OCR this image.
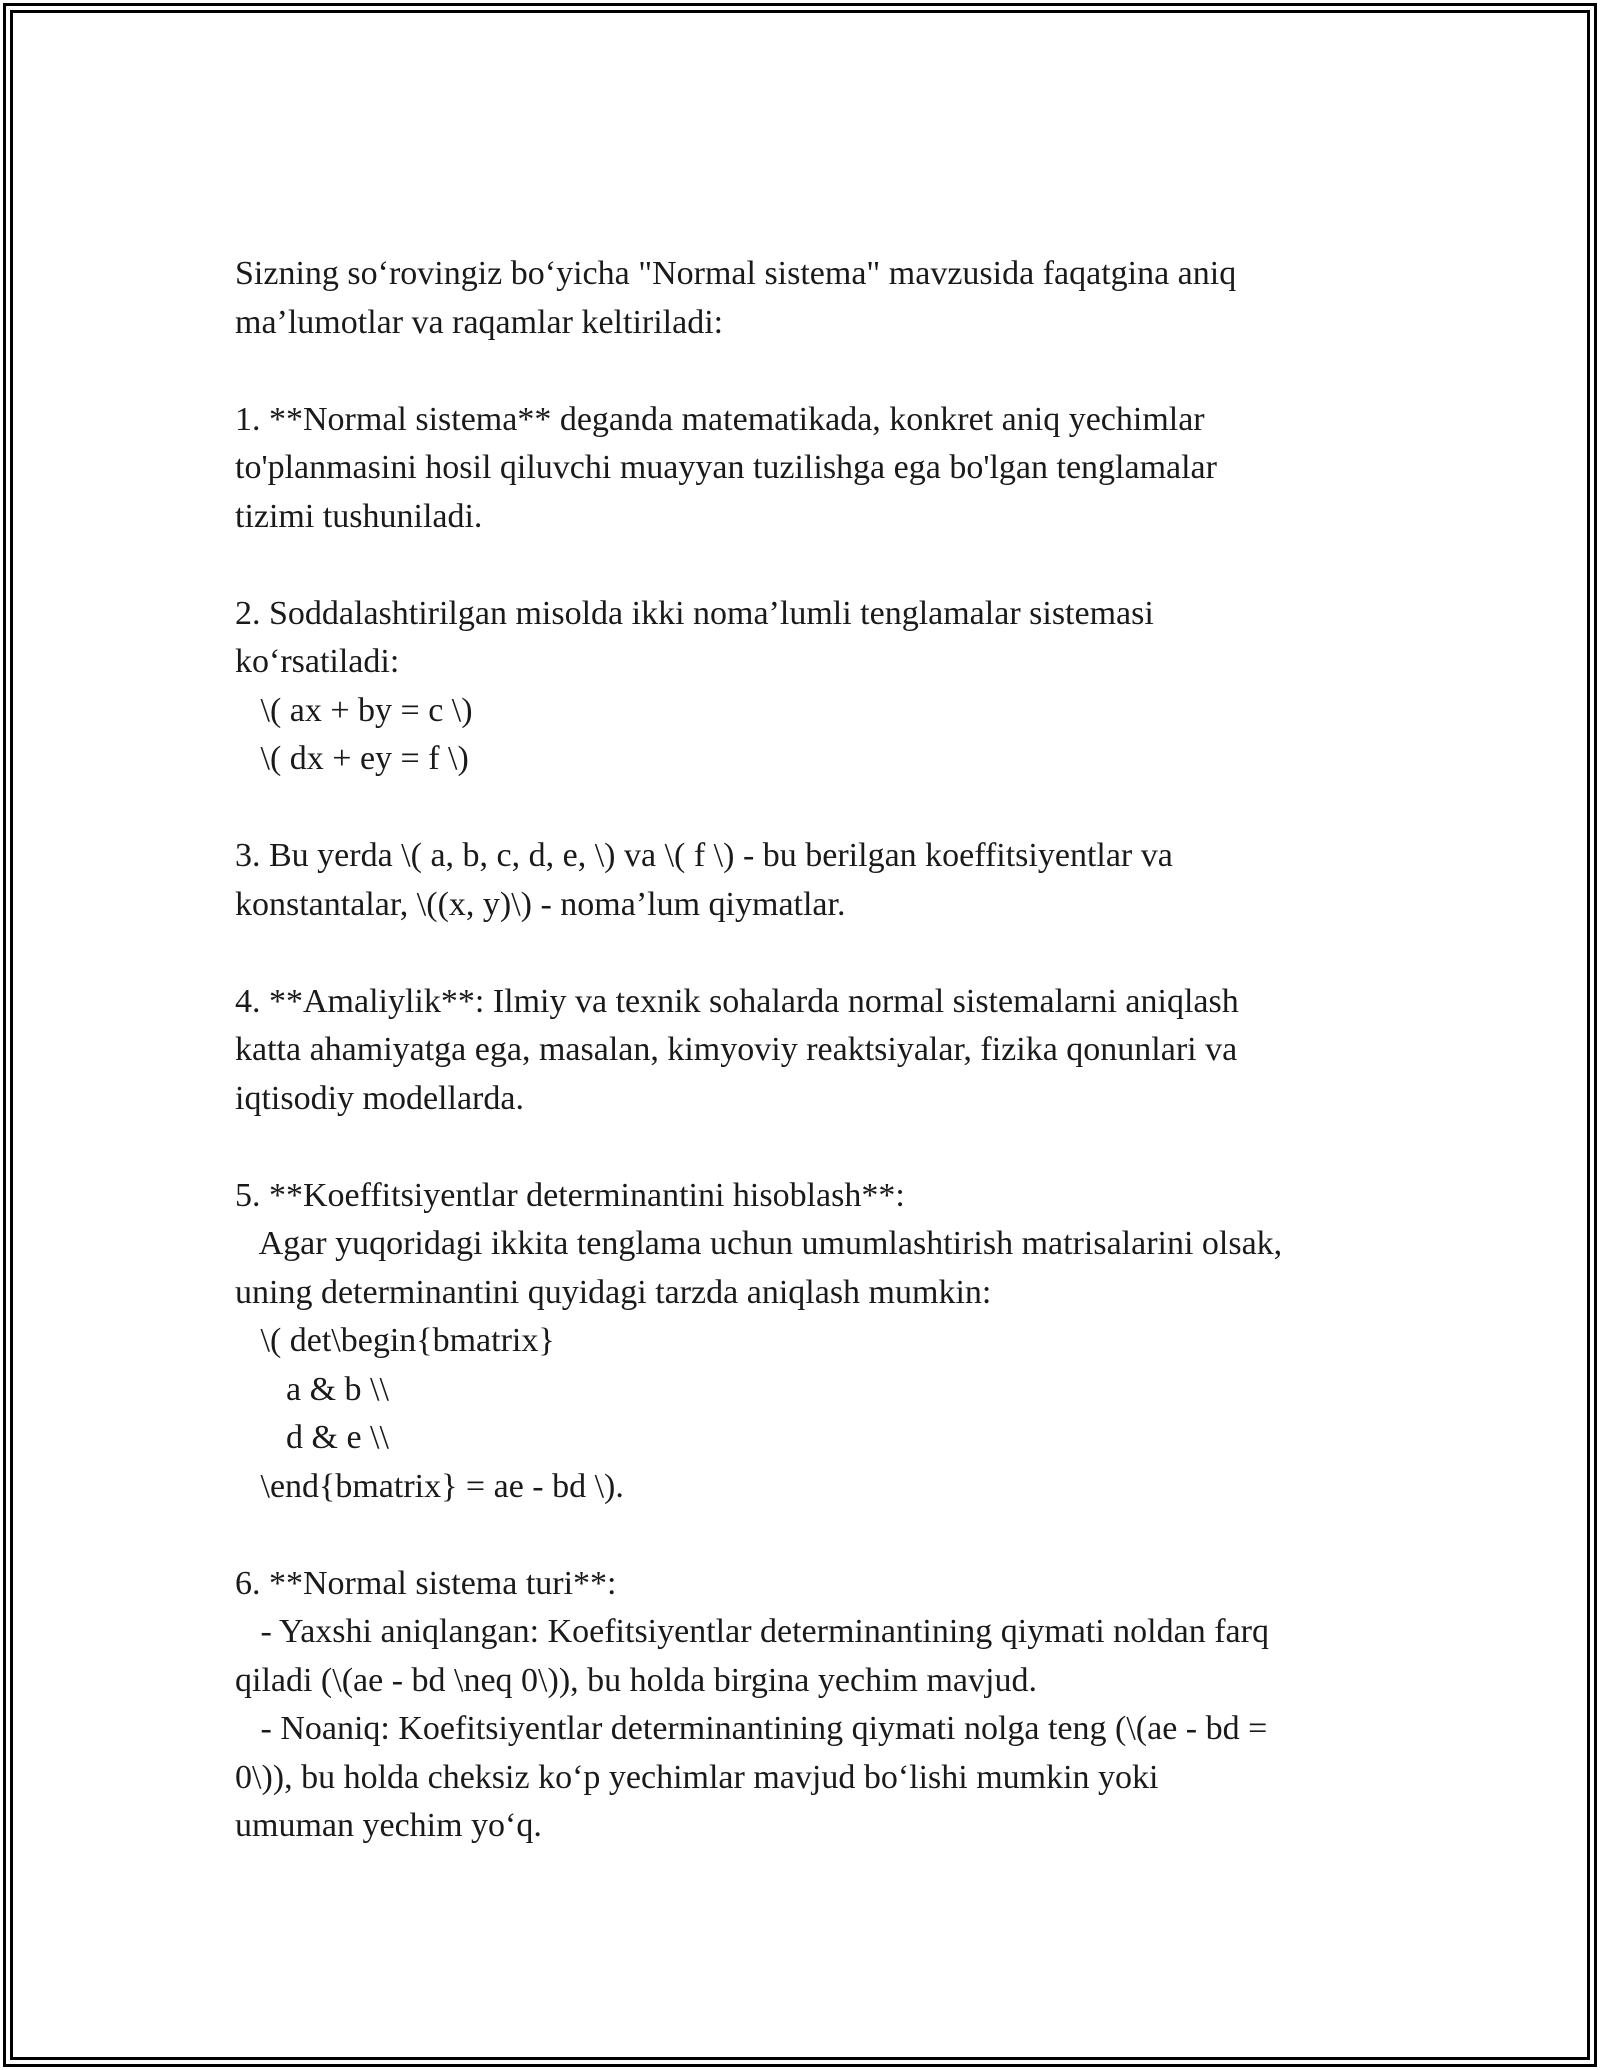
Sizning so‘rovingiz bo‘yicha "Normal sistema" mavzusida faqatgina aniq
ma’lumotlar va raqamlar keltiriladi:
1. **Normal sistema** deganda matematikada, konkret aniq yechimlar
to'planmasini hosil qiluvchi muayyan tuzilishga ega bo'lgan tenglamalar
tizimi tushuniladi.
2. Soddalashtirilgan misolda ikki noma’lumli tenglamalar sistemasi
ko‘rsatiladi:
\( ax + by = c \)
\( dx + ey = f \)
3. Bu yerda \( a, b, c, d, e, \) va \( f \) - bu berilgan koeffitsiyentlar va
konstantalar, \((x, y)\) - noma’lum qiymatlar.
4. **Amaliylik**: Ilmiy va texnik sohalarda normal sistemalarni aniqlash
katta ahamiyatga ega, masalan, kimyoviy reaktsiyalar, fizika qonunlari va
iqtisodiy modellarda.
5. **Koeffitsiyentlar determinantini hisoblash**:
Agar yuqoridagi ikkita tenglama uchun umumlashtirish matrisalarini olsak,
uning determinantini quyidagi tarzda aniqlash mumkin:
\( det\begin{bmatrix}
a & b \\
d & e \\
\end{bmatrix} = ae - bd \).
6. **Normal sistema turi**:
- Yaxshi aniqlangan: Koefitsiyentlar determinantining qiymati noldan farq
qiladi (\(ae - bd \neq 0\)), bu holda birgina yechim mavjud.
- Noaniq: Koefitsiyentlar determinantining qiymati nolga teng (\(ae - bd =
0\)), bu holda cheksiz ko‘p yechimlar mavjud bo‘lishi mumkin yoki
umuman yechim yo‘q.
